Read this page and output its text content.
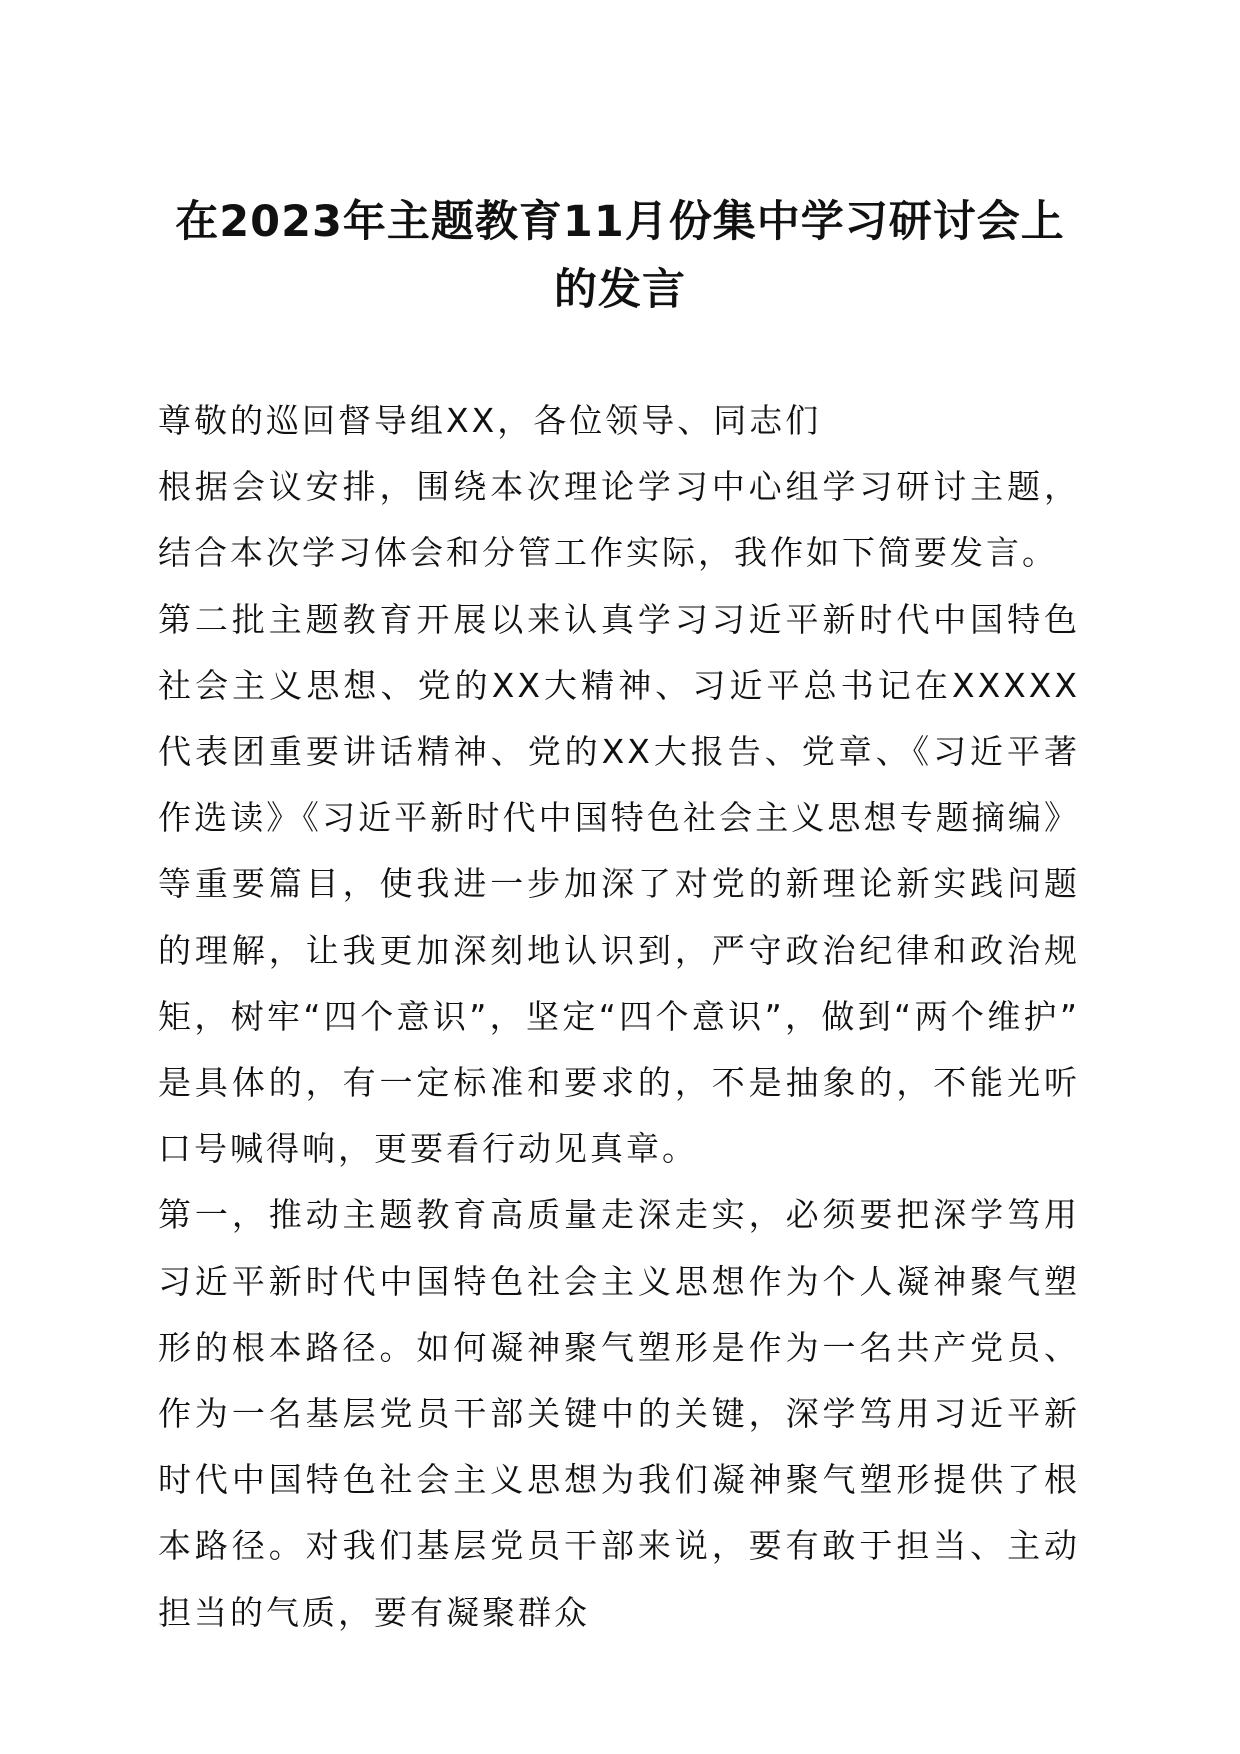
在2023年主题教育11月份集中学习研讨会上
的发言

尊敬的巡回督导组XX，各位领导、同志们

根据会议安排，围绕本次理论学习中心组学习研讨主题，结合本次学习体会和分管工作实际，我作如下简要发言。

第二批主题教育开展以来认真学习习近平新时代中国特色社会主义思想、党的XX大精神、习近平总书记在XXXXX代表团重要讲话精神、党的XX大报告、党章、《习近平著作选读》《习近平新时代中国特色社会主义思想专题摘编》等重要篇目，使我进一步加深了对党的新理论新实践问题的理解，让我更加深刻地认识到，严守政治纪律和政治规矩，树牢“四个意识”，坚定“四个意识”，做到“两个维护”是具体的，有一定标准和要求的，不是抽象的，不能光听口号喊得响，更要看行动见真章。

第一，推动主题教育高质量走深走实，必须要把深学笃用习近平新时代中国特色社会主义思想作为个人凝神聚气塑形的根本路径。如何凝神聚气塑形是作为一名共产党员、作为一名基层党员干部关键中的关键，深学笃用习近平新时代中国特色社会主义思想为我们凝神聚气塑形提供了根本路径。对我们基层党员干部来说，要有敢于担当、主动担当的气质，要有凝聚群众
